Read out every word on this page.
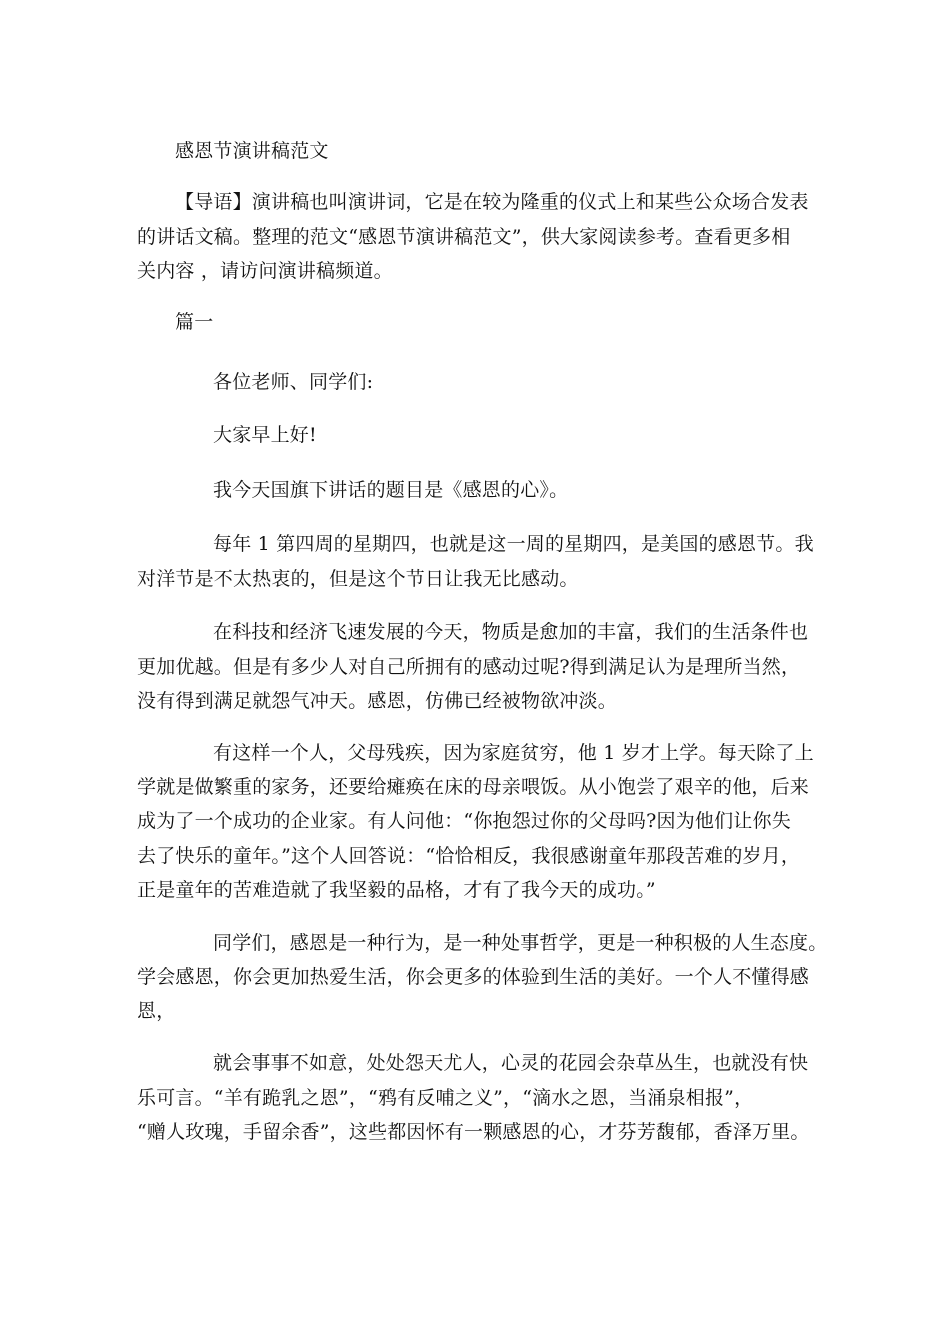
感恩节演讲稿范文
【导语】演讲稿也叫演讲词，它是在较为隆重的仪式上和某些公众场合发表
的讲话文稿。整理的范文“感恩节演讲稿范文”，供大家阅读参考。查看更多相
关内容 ，请访问演讲稿频道。
篇一
各位老师、同学们:
大家早上好!
我今天国旗下讲话的题目是《感恩的心》。
每年 1 第四周的星期四，也就是这一周的星期四，是美国的感恩节。我
对洋节是不太热衷的，但是这个节日让我无比感动。
在科技和经济飞速发展的今天，物质是愈加的丰富，我们的生活条件也
更加优越。但是有多少人对自己所拥有的感动过呢?得到满足认为是理所当然，
没有得到满足就怨气冲天。感恩，仿佛已经被物欲冲淡。
有这样一个人，父母残疾，因为家庭贫穷，他 1 岁才上学。每天除了上
学就是做繁重的家务，还要给瘫痪在床的母亲喂饭。从小饱尝了艰辛的他，后来
成为了一个成功的企业家。有人问他：“你抱怨过你的父母吗?因为他们让你失
去了快乐的童年。”这个人回答说：“恰恰相反，我很感谢童年那段苦难的岁月，
正是童年的苦难造就了我坚毅的品格，才有了我今天的成功。”
同学们，感恩是一种行为，是一种处事哲学，更是一种积极的人生态度。
学会感恩，你会更加热爱生活，你会更多的体验到生活的美好。一个人不懂得感
恩，
就会事事不如意，处处怨天尤人，心灵的花园会杂草丛生，也就没有快
乐可言。“羊有跪乳之恩”，“鸦有反哺之义”，“滴水之恩，当涌泉相报”，
“赠人玫瑰，手留余香”，这些都因怀有一颗感恩的心，才芬芳馥郁，香泽万里。
